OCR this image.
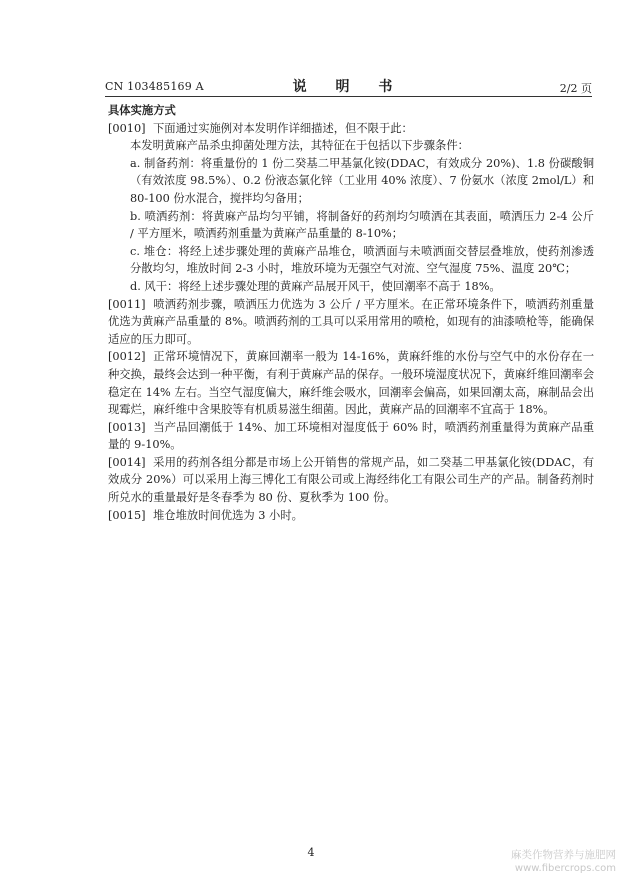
CN 103485169 A	说 明 书	2/2 页

具体实施方式

[0010] 下面通过实施例对本发明作详细描述，但不限于此：

本发明黄麻产品杀虫抑菌处理方法，其特征在于包括以下步骤条件：

a. 制备药剂：将重量份的 1 份二癸基二甲基氯化铵(DDAC，有效成分 20%)、1.8 份碳酸铜（有效浓度 98.5%）、0.2 份液态氯化锌（工业用 40% 浓度）、7 份氨水（浓度 2mol/L）和 80-100 份水混合，搅拌均匀备用；

b. 喷洒药剂：将黄麻产品均匀平铺，将制备好的药剂均匀喷洒在其表面，喷洒压力 2-4 公斤 / 平方厘米，喷洒药剂重量为黄麻产品重量的 8-10%；

c. 堆仓：将经上述步骤处理的黄麻产品堆仓，喷洒面与未喷洒面交替层叠堆放，使药剂渗透分散均匀，堆放时间 2-3 小时，堆放环境为无强空气对流、空气湿度 75%、温度 20℃；

d. 风干：将经上述步骤处理的黄麻产品展开风干，使回潮率不高于 18%。

[0011] 喷洒药剂步骤，喷洒压力优选为 3 公斤 / 平方厘米。在正常环境条件下，喷洒药剂重量优选为黄麻产品重量的 8%。喷洒药剂的工具可以采用常用的喷枪，如现有的油漆喷枪等，能确保适应的压力即可。

[0012] 正常环境情况下，黄麻回潮率一般为 14-16%，黄麻纤维的水份与空气中的水份存在一种交换，最终会达到一种平衡，有利于黄麻产品的保存。一般环境湿度状况下，黄麻纤维回潮率会稳定在 14% 左右。当空气湿度偏大，麻纤维会吸水，回潮率会偏高，如果回潮太高，麻制品会出现霉烂，麻纤维中含果胶等有机质易滋生细菌。因此，黄麻产品的回潮率不宜高于 18%。

[0013] 当产品回潮低于 14%、加工环境相对湿度低于 60% 时，喷洒药剂重量得为黄麻产品重量的 9-10%。

[0014] 采用的药剂各组分都是市场上公开销售的常规产品，如二癸基二甲基氯化铵(DDAC，有效成分 20%）可以采用上海三博化工有限公司或上海经纬化工有限公司生产的产品。制备药剂时所兑水的重量最好是冬春季为 80 份、夏秋季为 100 份。

[0015] 堆仓堆放时间优选为 3 小时。

4	麻类作物营养与施肥网
www.fibercrops.com
